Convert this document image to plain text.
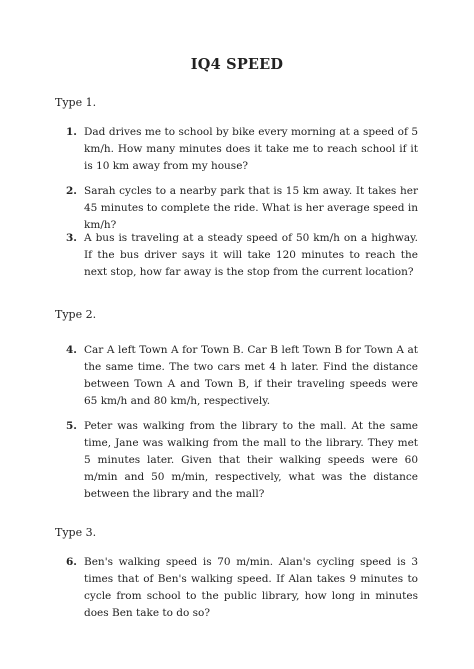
IQ4 SPEED
Type 1.
1. Dad drives me to school by bike every morning at a speed of 5 km/h. How many minutes does it take me to reach school if it is 10 km away from my house?
2. Sarah cycles to a nearby park that is 15 km away. It takes her 45 minutes to complete the ride. What is her average speed in km/h?
3. A bus is traveling at a steady speed of 50 km/h on a highway. If the bus driver says it will take 120 minutes to reach the next stop, how far away is the stop from the current location?
Type 2.
4. Car A left Town A for Town B. Car B left Town B for Town A at the same time. The two cars met 4 h later. Find the distance between Town A and Town B, if their traveling speeds were 65 km/h and 80 km/h, respectively.
5. Peter was walking from the library to the mall. At the same time, Jane was walking from the mall to the library. They met 5 minutes later. Given that their walking speeds were 60 m/min and 50 m/min, respectively, what was the distance between the library and the mall?
Type 3.
6. Ben's walking speed is 70 m/min. Alan's cycling speed is 3 times that of Ben's walking speed. If Alan takes 9 minutes to cycle from school to the public library, how long in minutes does Ben take to do so?
